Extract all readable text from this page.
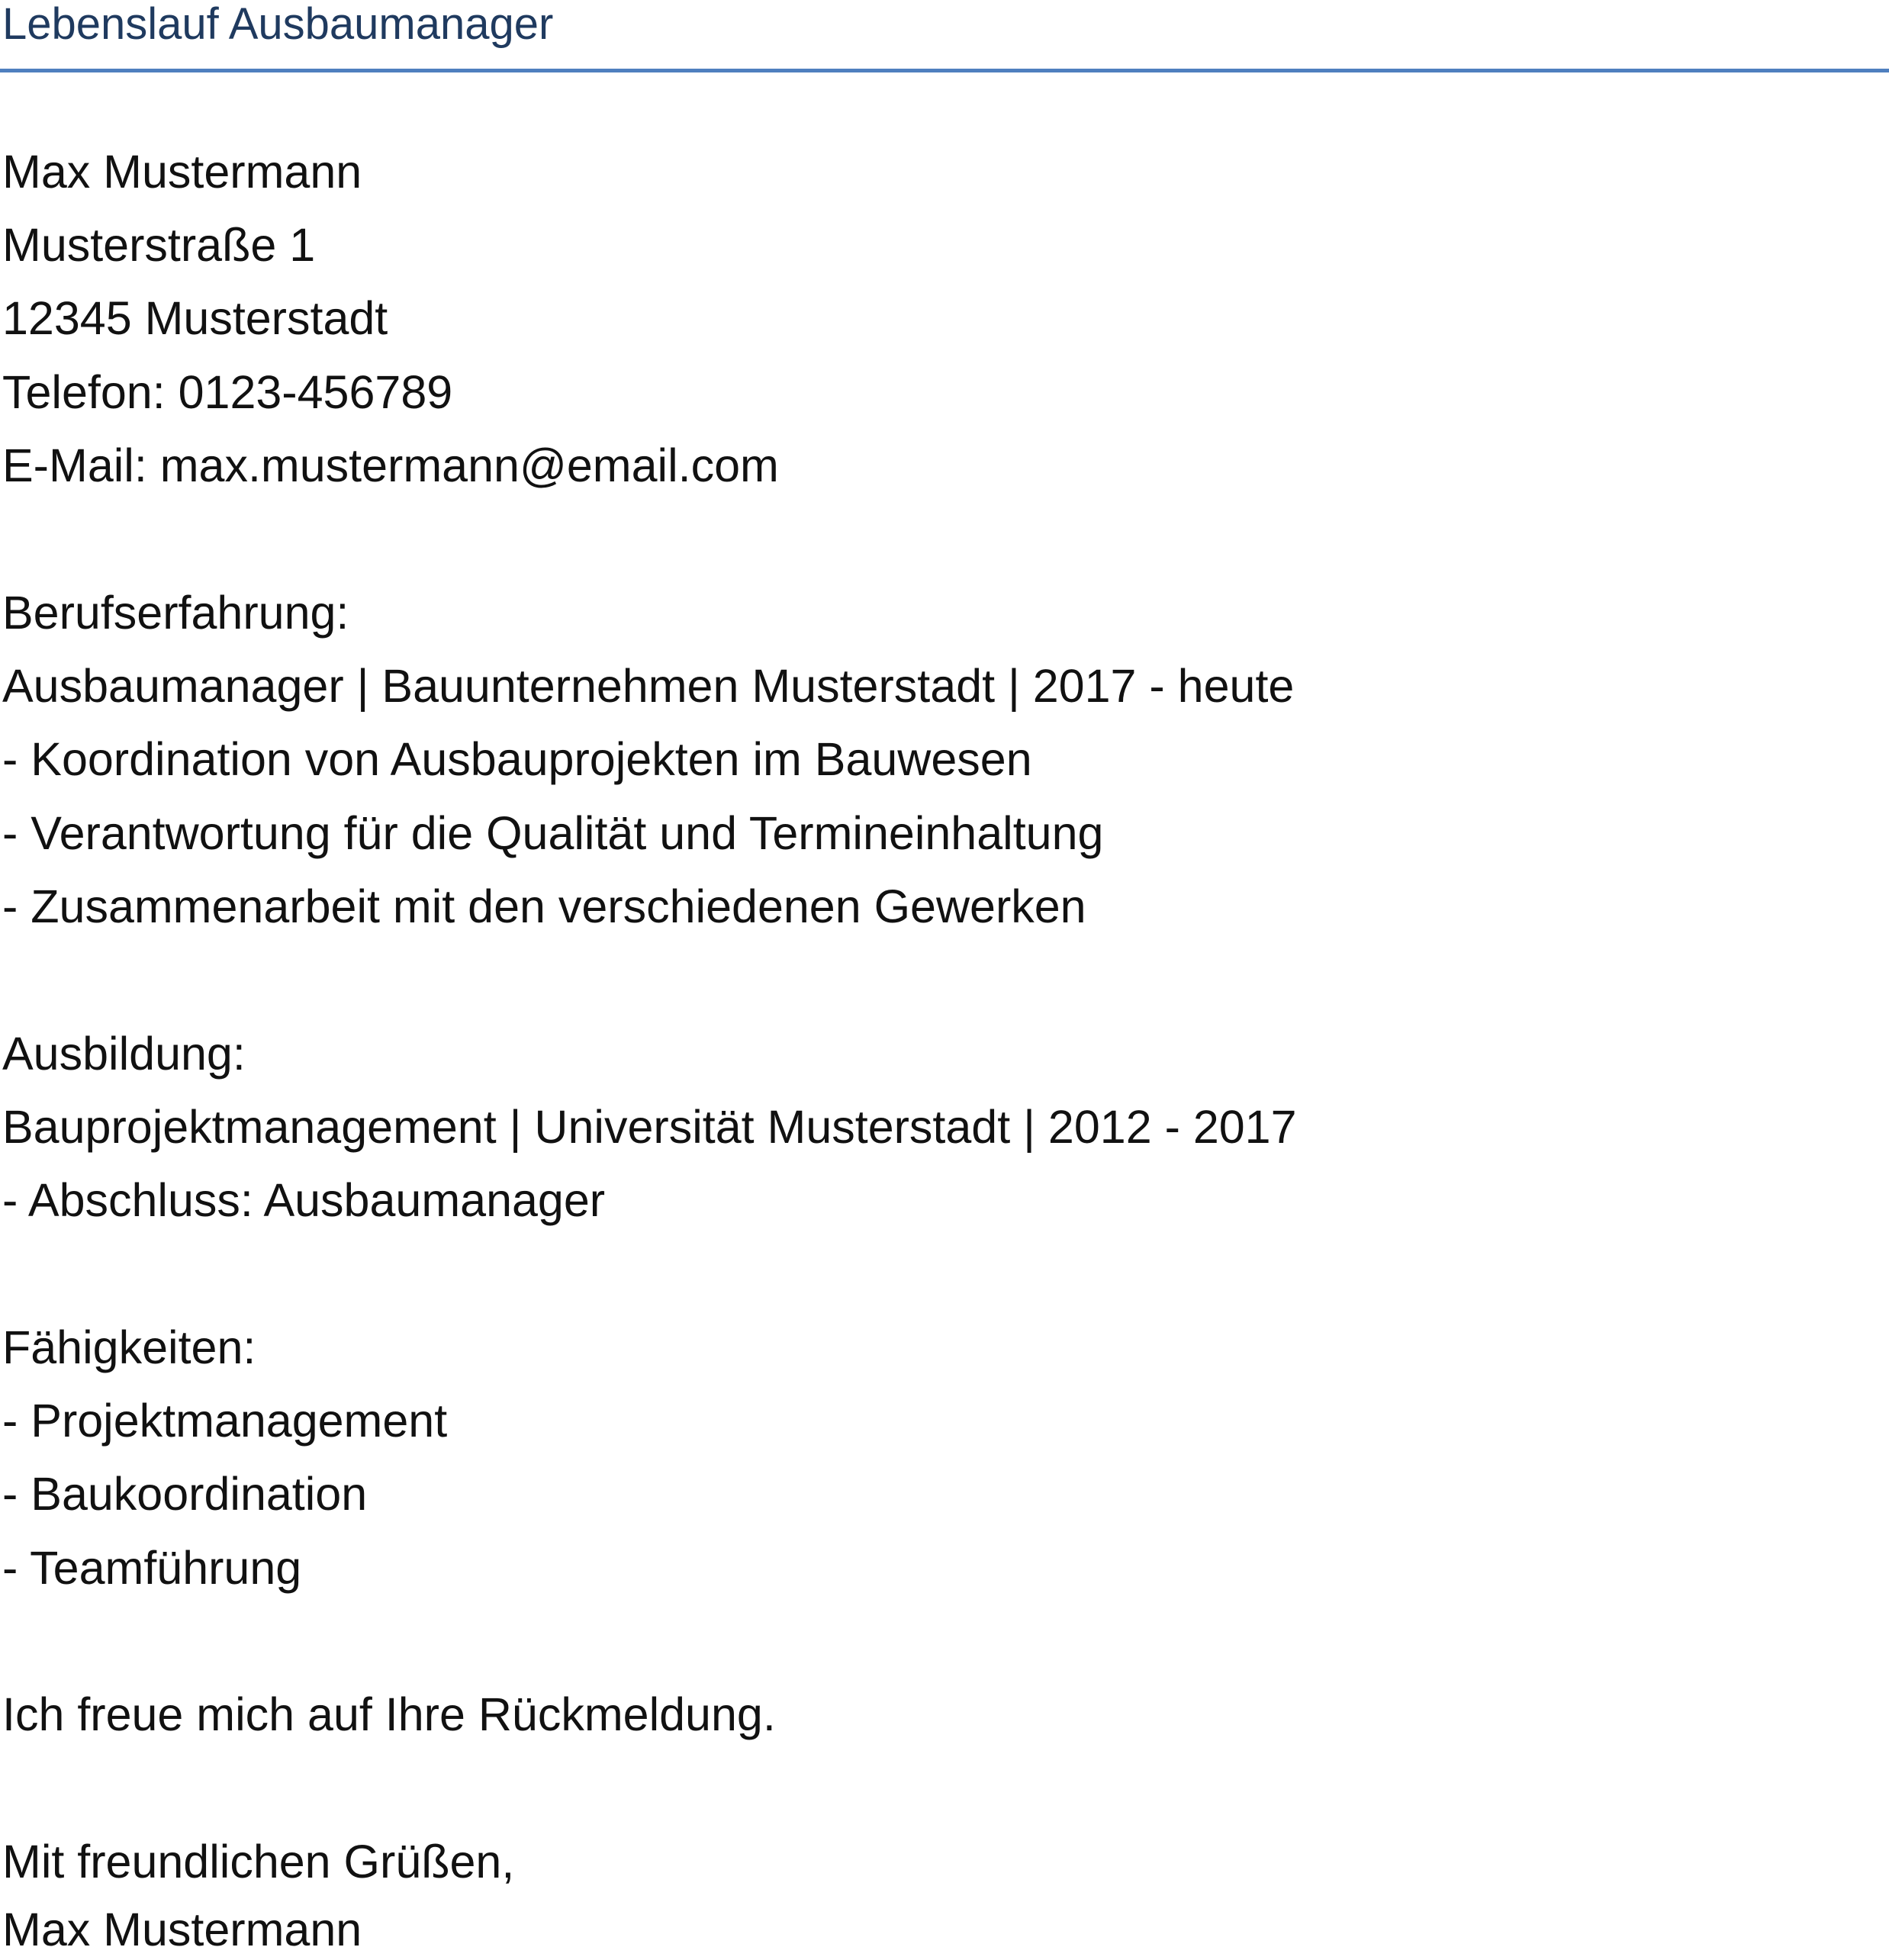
Lebenslauf Ausbaumanager
Max Mustermann
Musterstraße 1
12345 Musterstadt
Telefon: 0123-456789
E-Mail: max.mustermann@email.com
Berufserfahrung:
Ausbaumanager | Bauunternehmen Musterstadt | 2017 - heute
- Koordination von Ausbauprojekten im Bauwesen
- Verantwortung für die Qualität und Termineinhaltung
- Zusammenarbeit mit den verschiedenen Gewerken
Ausbildung:
Bauprojektmanagement | Universität Musterstadt | 2012 - 2017
- Abschluss: Ausbaumanager
Fähigkeiten:
- Projektmanagement
- Baukoordination
- Teamführung
Ich freue mich auf Ihre Rückmeldung.
Mit freundlichen Grüßen,
Max Mustermann
